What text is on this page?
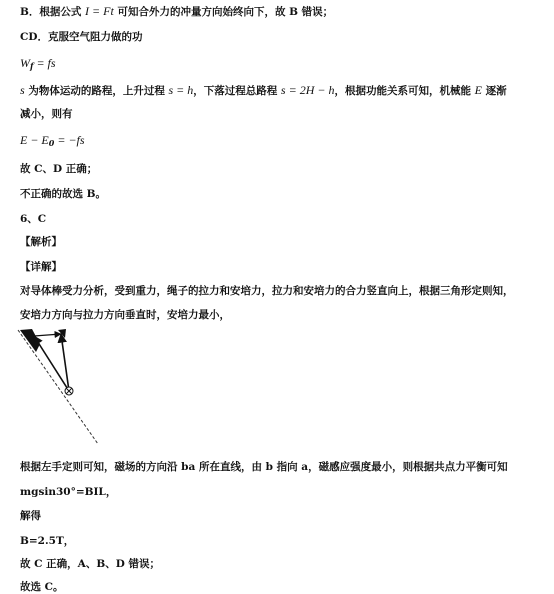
B．根据公式 I = Ft 可知合外力的冲量方向始终向下，故 B 错误；
CD．克服空气阻力做的功
$W_f$ = fs
s 为物体运动的路程，上升过程 s = h，下落过程总路程 s = 2H − h，根据功能关系可知，机械能 E 逐渐
减小，则有
$E - E_0 = -fs$
故 C、D 正确；
不正确的故选 B。
6、C
【解析】
【详解】
对导体棒受力分析，受到重力，绳子的拉力和安培力，拉力和安培力的合力竖直向上，根据三角形定则知，
安培力方向与拉力方向垂直时，安培力最小，
根据左手定则可知，磁场的方向沿 ba 所在直线，由 b 指向 a，磁感应强度最小，则根据共点力平衡可知
mgsin30°=BIL，
解得
B=2.5T，
故 C 正确，A、B、D 错误；
故选 C。
